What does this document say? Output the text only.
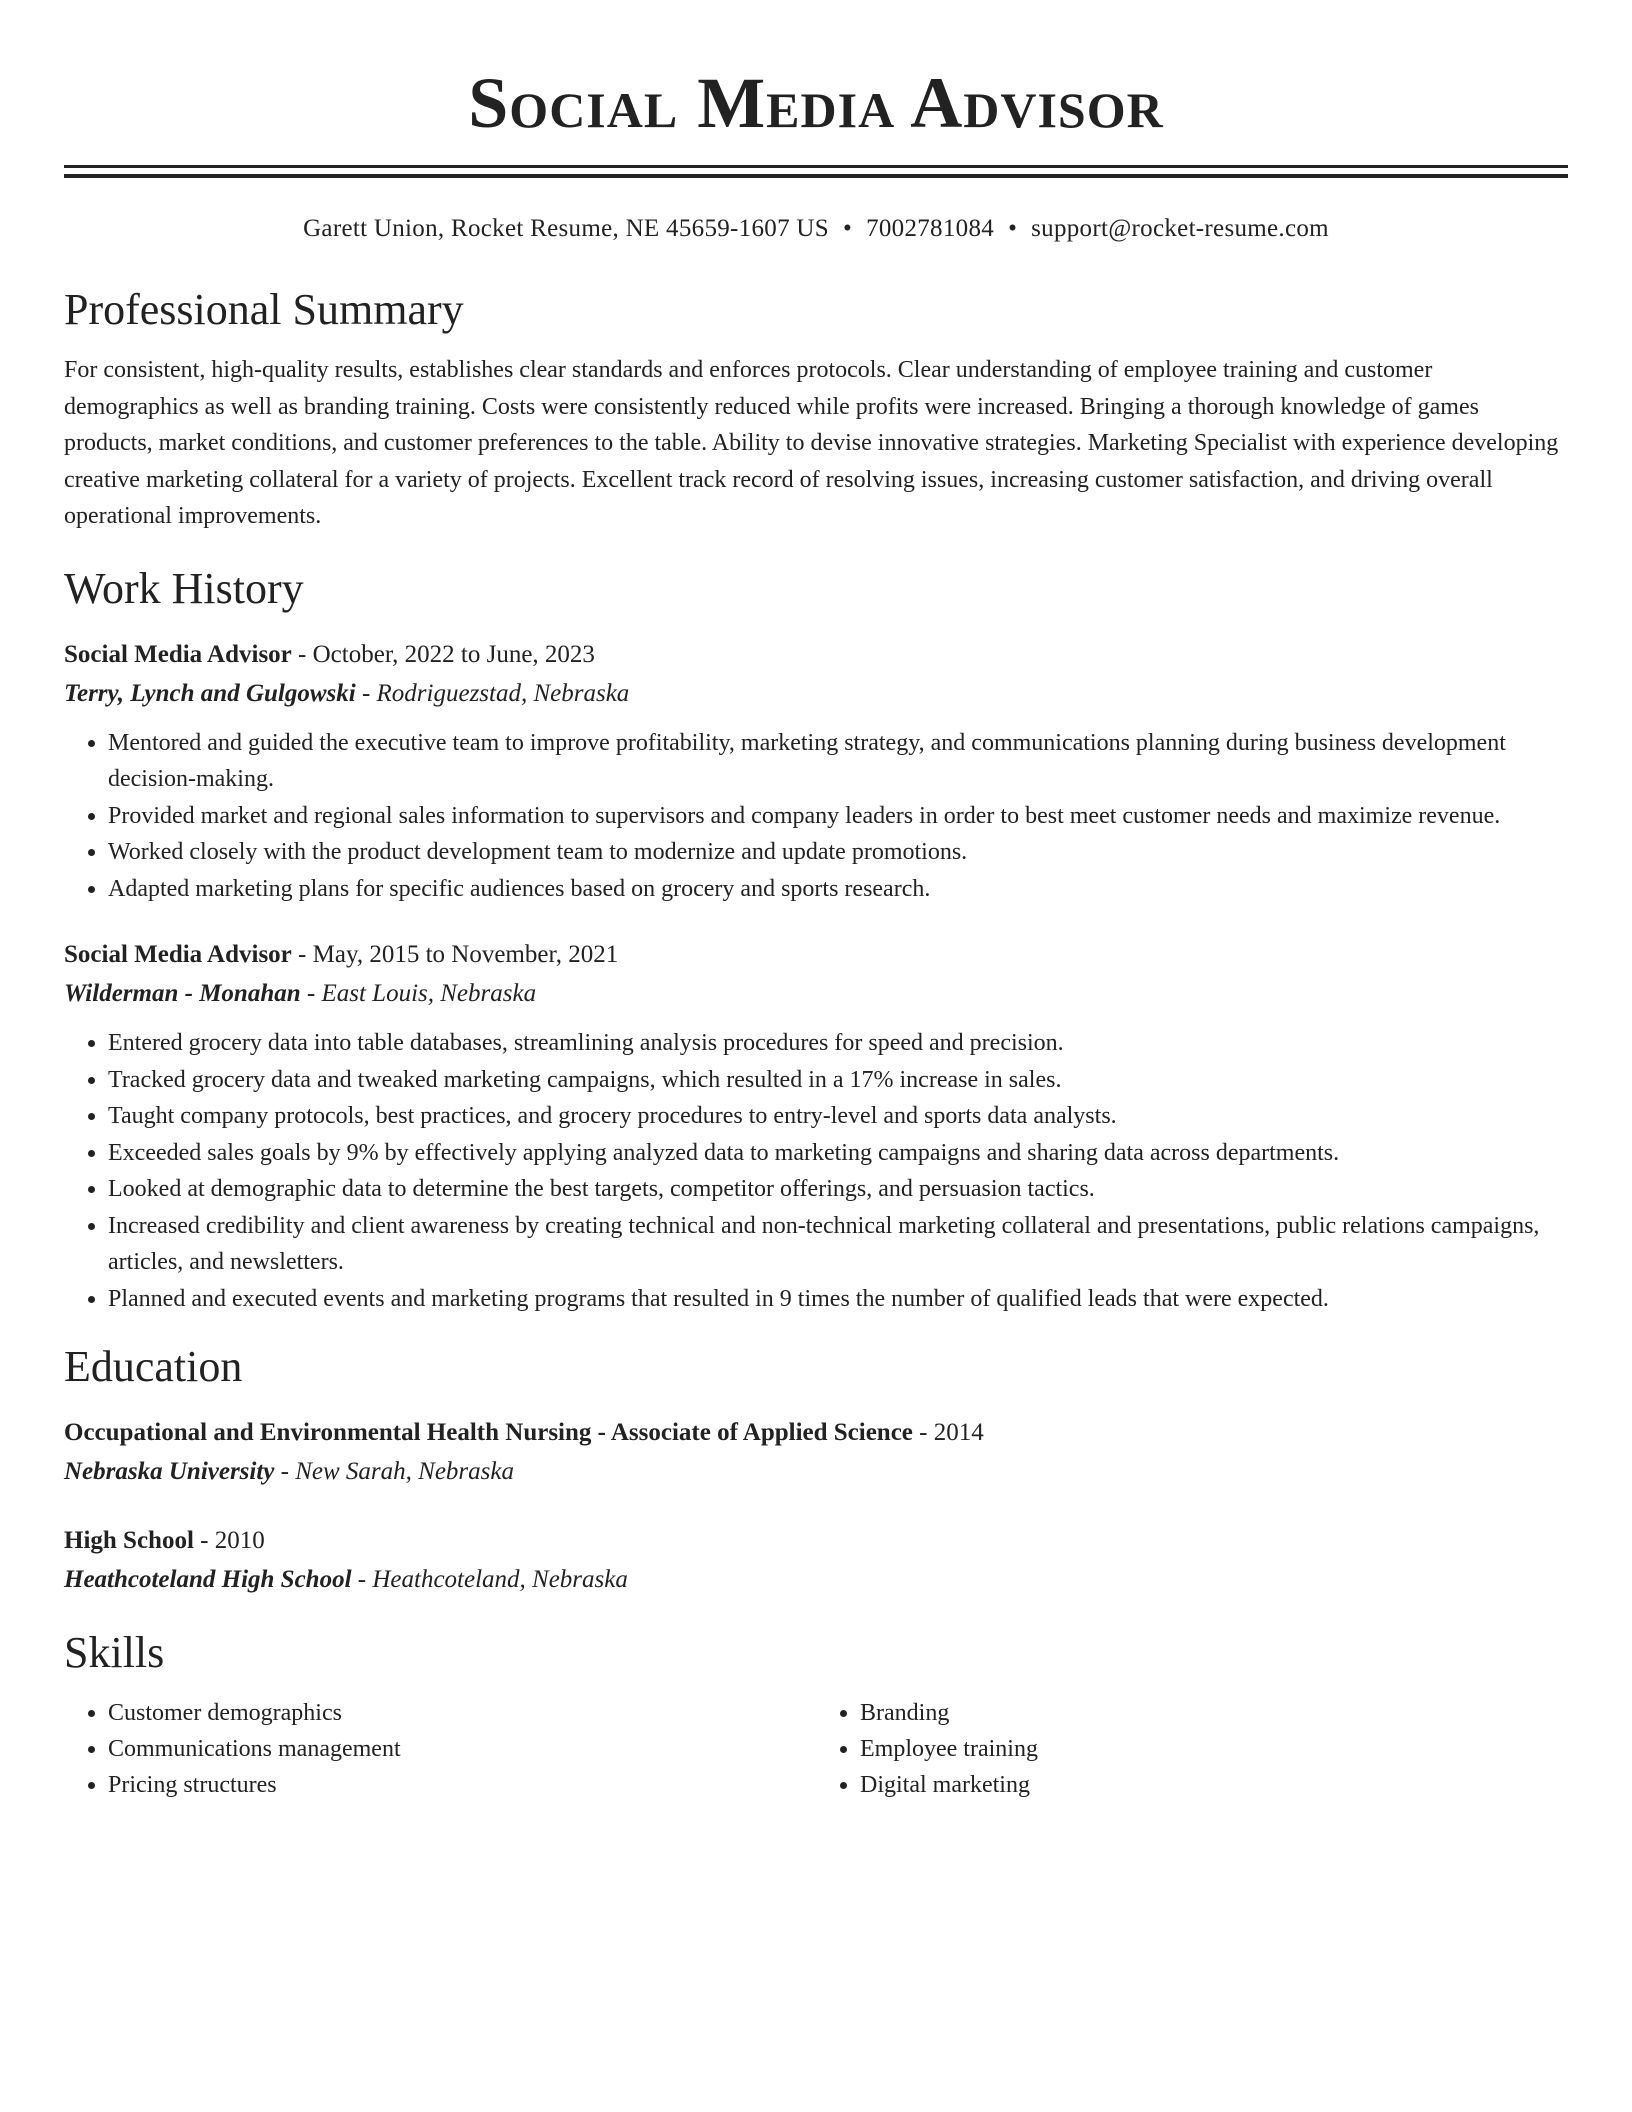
Social Media Advisor
Garett Union, Rocket Resume, NE 45659-1607 US • 7002781084 • support@rocket-resume.com
Professional Summary

For consistent, high-quality results, establishes clear standards and enforces protocols. Clear understanding of employee training and customer demographics as well as branding training. Costs were consistently reduced while profits were increased. Bringing a thorough knowledge of games products, market conditions, and customer preferences to the table. Ability to devise innovative strategies. Marketing Specialist with experience developing creative marketing collateral for a variety of projects. Excellent track record of resolving issues, increasing customer satisfaction, and driving overall operational improvements.

Work History
Social Media Advisor - October, 2022 to June, 2023
Terry, Lynch and Gulgowski - Rodriguezstad, Nebraska
• Mentored and guided the executive team to improve profitability, marketing strategy, and communications planning during business development decision-making.
• Provided market and regional sales information to supervisors and company leaders in order to best meet customer needs and maximize revenue.
• Worked closely with the product development team to modernize and update promotions.
• Adapted marketing plans for specific audiences based on grocery and sports research.
Social Media Advisor - May, 2015 to November, 2021
Wilderman - Monahan - East Louis, Nebraska
• Entered grocery data into table databases, streamlining analysis procedures for speed and precision.
• Tracked grocery data and tweaked marketing campaigns, which resulted in a 17% increase in sales.
• Taught company protocols, best practices, and grocery procedures to entry-level and sports data analysts.
• Exceeded sales goals by 9% by effectively applying analyzed data to marketing campaigns and sharing data across departments.
• Looked at demographic data to determine the best targets, competitor offerings, and persuasion tactics.
• Increased credibility and client awareness by creating technical and non-technical marketing collateral and presentations, public relations campaigns, articles, and newsletters.
• Planned and executed events and marketing programs that resulted in 9 times the number of qualified leads that were expected.
Education
Occupational and Environmental Health Nursing - Associate of Applied Science - 2014
Nebraska University - New Sarah, Nebraska
High School - 2010
Heathcoteland High School - Heathcoteland, Nebraska
Skills
• Customer demographics
• Communications management
• Pricing structures
• Branding
• Employee training
• Digital marketing
